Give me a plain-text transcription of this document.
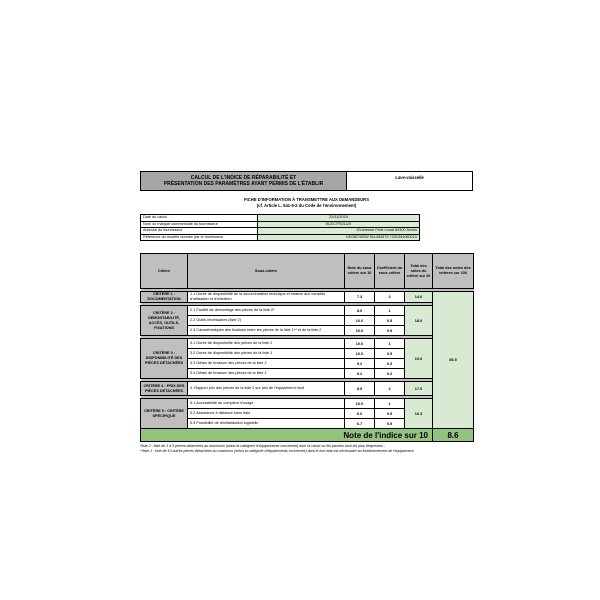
CALCUL DE L'INDICE DE RÉPARABILITÉ ET
PRÉSENTATION DES PARAMÈTRES AYANT PERMIS DE L'ÉTABLIR
Lave-vaisselle
FICHE D'INFORMATION À TRANSMETTRE AUX DEMANDEURS
(cf. Article L. 541-9-2 du Code de l'environnement)
Date du calcul	22/11/2024
Nom ou marque commerciale du fournisseur	ELECTROLUX
Adresse du fournisseur	43 Avenue Felix Louat 60300 Senlis
Référence du modèle donnée par le fournisseur	KEGB7400W 911434579 7331394060010
Critère	Sous-critère	Note du sous critère sur 10	Coefficient du sous critère	Total des notes du critère sur 20	Total des notes des critères sur 100

CRITÈRE 1 : DOCUMENTATION	1.1 Durée de disponibilité de la documentation technique et relative aux conseils d'utilisation et d'entretien	7.3	2	14.6	85.5

CRITÈRE 2 : DÉMONTABILITÉ, ACCÈS, OUTILS, FIXATIONS	2.1 Facilité de démontage des pièces de la liste 2*	8.0	1	18.0	
	2.2 Outils nécessaires (liste 2)	10.0	0.5		
	2.3 Caractéristiques des fixations entre les pièces de la liste 1** et de la liste 2	10.0	0.5		

CRITÈRE 3 : DISPONIBILITÉ DES PIÈCES DÉTACHÉES	3.1 Durée de disponibilité des pièces de la liste 2	10.0	1	19.6	
	3.2 Durée de disponibilité des pièces de la liste 1	10.0	0.5		
	3.3 Délais de livraison des pièces de la liste 2	9.2	0.3		
	3.4 Délais de livraison des pièces de la liste 1	9.2	0.2		

CRITÈRE 4 : PRIX DES PIÈCES DÉTACHÉES	4. Rapport prix des pièces de la liste 2 sur prix de l'équipement neuf	8.5	2	17.0	

CRITÈRE 5 : CRITÈRE SPÉCIFIQUE	5.1 Accessibilité du compteur d'usage	10.0	1	16.3	
	5.2 Assistance à distance sans frais	6.0	0.5		
	5.3 Possibilité de réinitialisation logicielle	6.7	0.5		
Note de l'indice sur 10					8.6
*liste 2 : liste de 3 à 5 pièces détachées au maximum (selon la catégorie d'équipements concernée) dont la casse ou les pannes sont les plus fréquentes ;
**liste 1 : liste de 10 autres pièces détachées au maximum (selon la catégorie d'équipements concernée) dont le bon état est nécessaire au fonctionnement de l'équipement.
